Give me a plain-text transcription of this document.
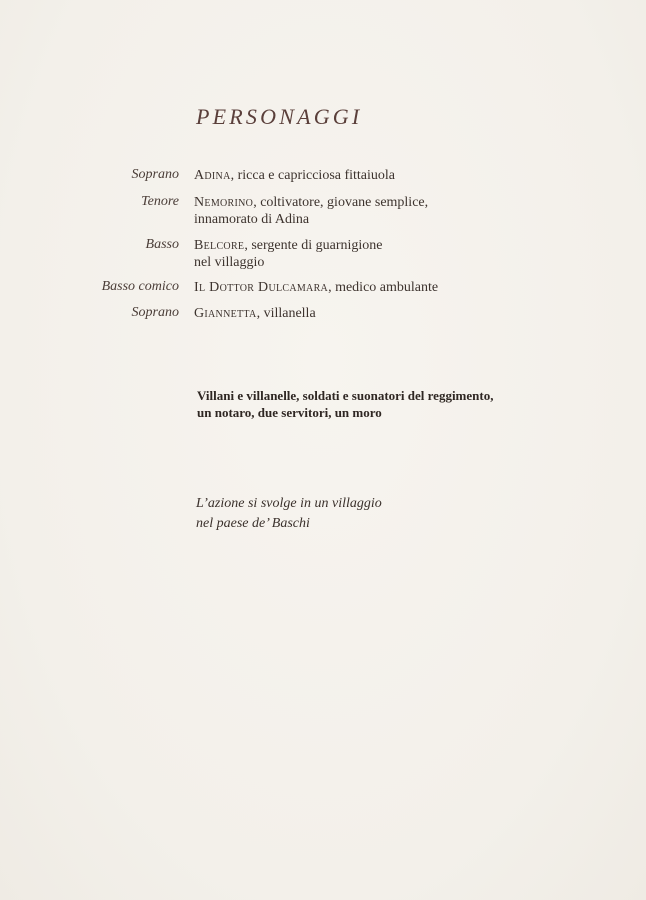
PERSONAGGI
Soprano Adina, ricca e capricciosa fittaiuola
Tenore Nemorino, coltivatore, giovane semplice,
innamorato di Adina
Basso Belcore, sergente di guarnigione
nel villaggio
Basso comico Il Dottor Dulcamara, medico ambulante
Soprano Giannetta, villanella
Villani e villanelle, soldati e suonatori del reggimento,
un notaro, due servitori, un moro
L’azione si svolge in un villaggio
nel paese de’ Baschi
